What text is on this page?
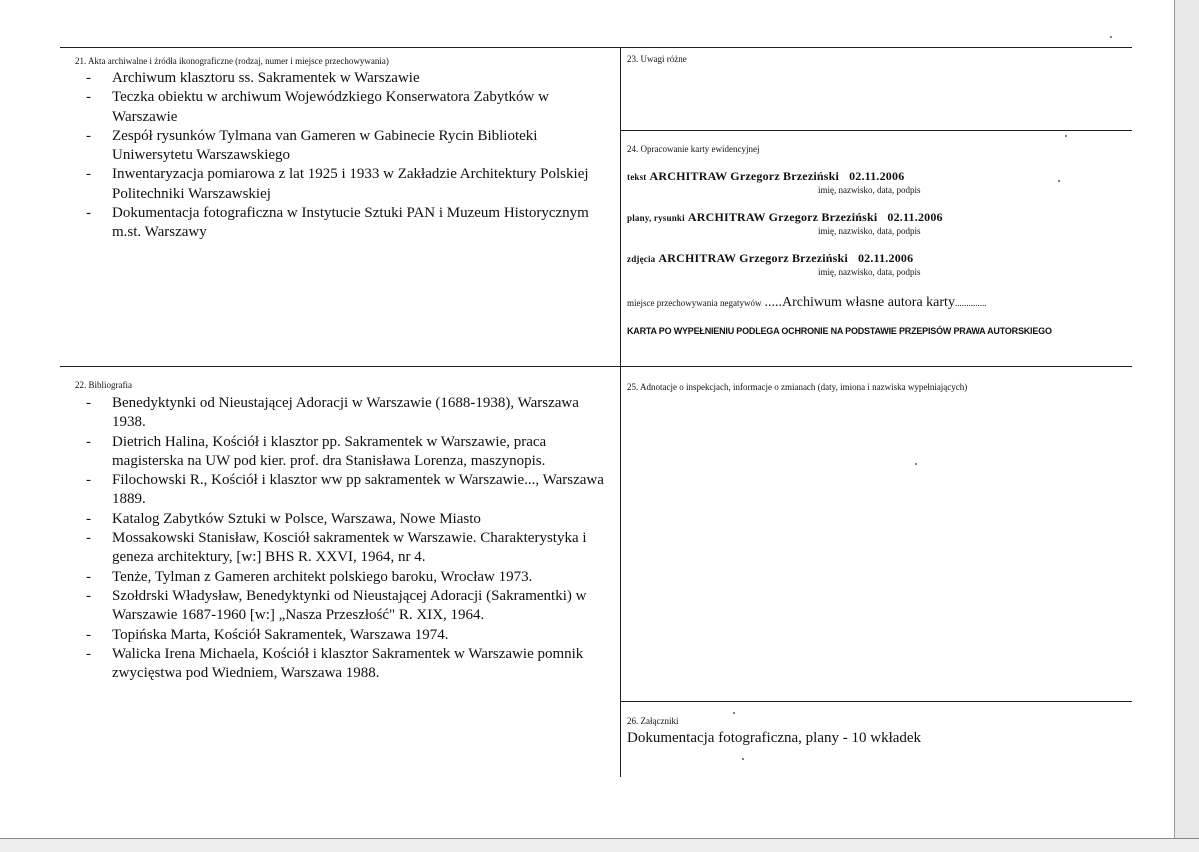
21. Akta archiwalne i źródła ikonograficzne (rodzaj, numer i miejsce przechowywania)
- Archiwum klasztoru ss. Sakramentek w Warszawie
- Teczka obiektu w archiwum Wojewódzkiego Konserwatora Zabytków w Warszawie
- Zespół rysunków Tylmana van Gameren w Gabinecie Rycin Biblioteki Uniwersytetu Warszawskiego
- Inwentaryzacja pomiarowa z lat 1925 i 1933 w Zakładzie Architektury Polskiej Politechniki Warszawskiej
- Dokumentacja fotograficzna w Instytucie Sztuki PAN i Muzeum Historycznym m.st. Warszawy
22. Bibliografia
- Benedyktynki od Nieustającej Adoracji w Warszawie (1688-1938), Warszawa 1938.
- Dietrich Halina, Kościół i klasztor pp. Sakramentek w Warszawie, praca magisterska na UW pod kier. prof. dra Stanisława Lorenza, maszynopis.
- Filochowski R., Kościół i klasztor ww pp sakramentek w Warszawie..., Warszawa 1889.
- Katalog Zabytków Sztuki w Polsce, Warszawa, Nowe Miasto
- Mossakowski Stanisław, Kosciół sakramentek w Warszawie. Charakterystyka i geneza architektury, [w:] BHS R. XXVI, 1964, nr 4.
- Tenże, Tylman z Gameren architekt polskiego baroku, Wrocław 1973.
- Szołdrski Władysław, Benedyktynki od Nieustającej Adoracji (Sakramentki) w Warszawie 1687-1960 [w:] „Nasza Przeszłość" R. XIX, 1964.
- Topińska Marta, Kościół Sakramentek, Warszawa 1974.
- Walicka Irena Michaela, Kościół i klasztor Sakramentek w Warszawie pomnik zwycięstwa pod Wiedniem, Warszawa 1988.
23. Uwagi różne
24. Opracowanie karty ewidencyjnej
tekst ARCHITRAW Grzegorz Brzeziński 02.11.2006
imię, nazwisko, data, podpis
plany, rysunki ARCHITRAW Grzegorz Brzeziński 02.11.2006
imię, nazwisko, data, podpis
zdjęcia ARCHITRAW Grzegorz Brzeziński 02.11.2006
imię, nazwisko, data, podpis
miejsce przechowywania negatywów .....Archiwum własne autora karty..............
KARTA PO WYPEŁNIENIU PODLEGA OCHRONIE NA PODSTAWIE PRZEPISÓW PRAWA AUTORSKIEGO
25. Adnotacje o inspekcjach, informacje o zmianach (daty, imiona i nazwiska wypełniających)
26. Załączniki
Dokumentacja fotograficzna, plany - 10 wkładek
